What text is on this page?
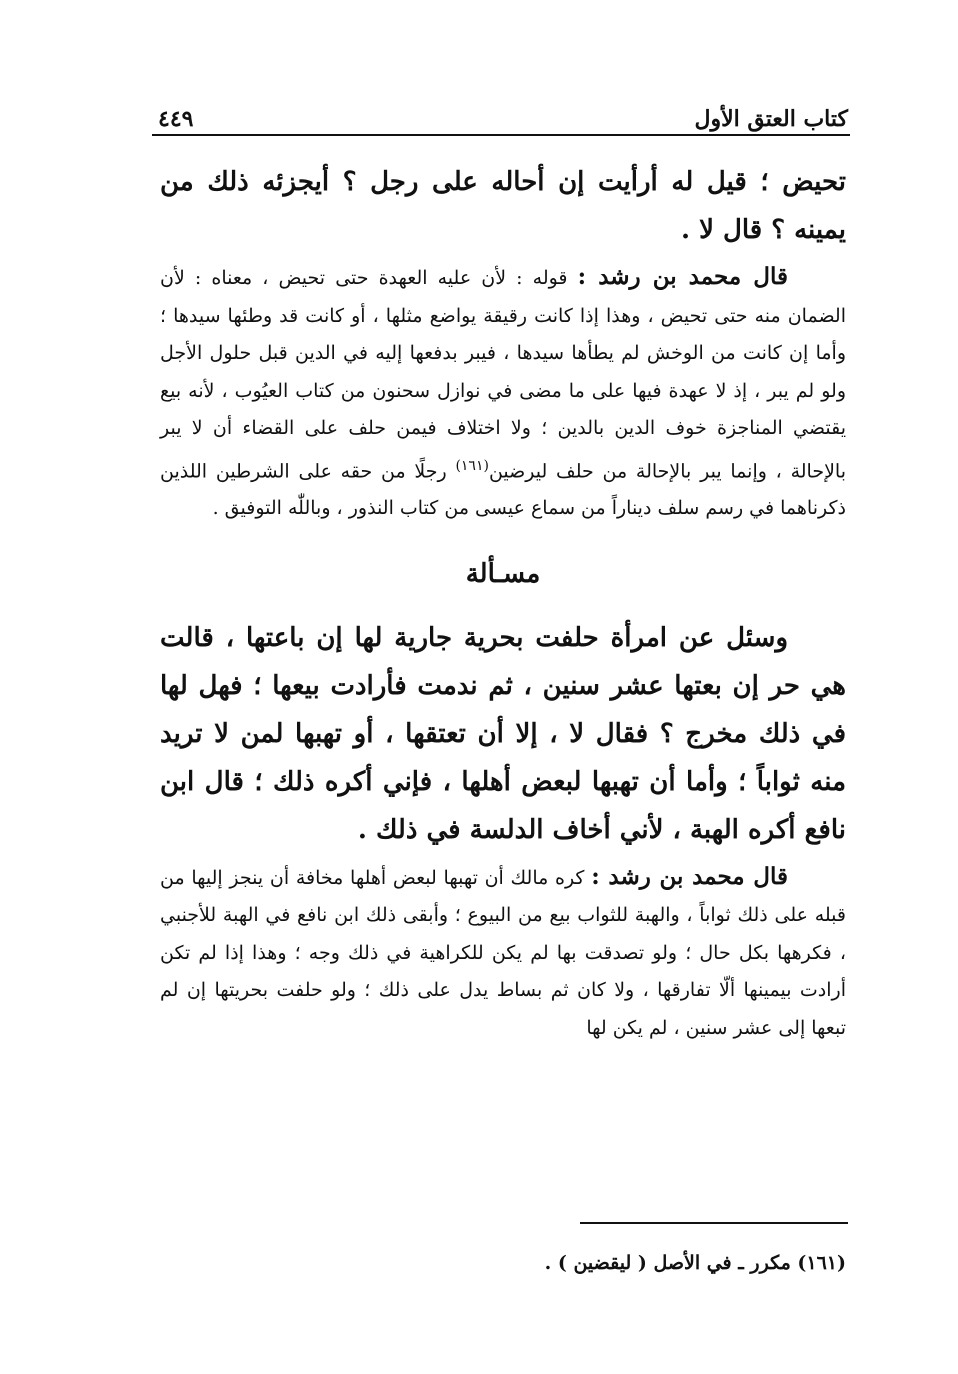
كتاب العتق الأول
٤٤٩

تحيض ؛ قيل له أرأيت إن أحاله على رجل ؟ أيجزئه ذلك من يمينه ؟ قال لا .

قال محمد بن رشد : قوله : لأن عليه العهدة حتى تحيض ، معناه : لأن الضمان منه حتى تحيض ، وهذا إذا كانت رقيقة يواضع مثلها ، أو كانت قد وطئها سيدها ؛ وأما إن كانت من الوخش لم يطأها سيدها ، فيبر بدفعها إليه في الدين قبل حلول الأجل ولو لم يبر ، إذ لا عهدة فيها على ما مضى في نوازل سحنون من كتاب العيُوب ، لأنه بيع يقتضي المناجزة خوف الدين بالدين ؛ ولا اختلاف فيمن حلف على القضاء أن لا يبر بالإحالة ، وإنما يبر بالإحالة من حلف ليرضين$^{(١٦١)}$ رجلًا من حقه على الشرطين اللذين ذكرناهما في رسم سلف ديناراً من سماع عيسى من كتاب النذور ، وباللّٰه التوفيق .

مسـألة

وسئل عن امرأة حلفت بحرية جارية لها إن باعتها ، قالت هي حر إن بعتها عشر سنين ، ثم ندمت فأرادت بيعها ؛ فهل لها في ذلك مخرج ؟ فقال لا ، إلا أن تعتقها ، أو تهبها لمن لا تريد منه ثواباً ؛ وأما أن تهبها لبعض أهلها ، فإني أكره ذلك ؛ قال ابن نافع أكره الهبة ، لأني أخاف الدلسة في ذلك .

قال محمد بن رشد : كره مالك أن تهبها لبعض أهلها مخافة أن ينجز إليها من قبله على ذلك ثواباً ، والهبة للثواب بيع من البيوع ؛ وأبقى ذلك ابن نافع في الهبة للأجنبي ، فكرهها بكل حال ؛ ولو تصدقت بها لم يكن للكراهية في ذلك وجه ؛ وهذا إذا لم تكن أرادت بيمينها ألّا تفارقها ، ولا كان ثم بساط يدل على ذلك ؛ ولو حلفت بحريتها إن لم تبعها إلى عشر سنين ، لم يكن لها

(١٦١) مكرر ـ في الأصل ( ليقضين ) .
